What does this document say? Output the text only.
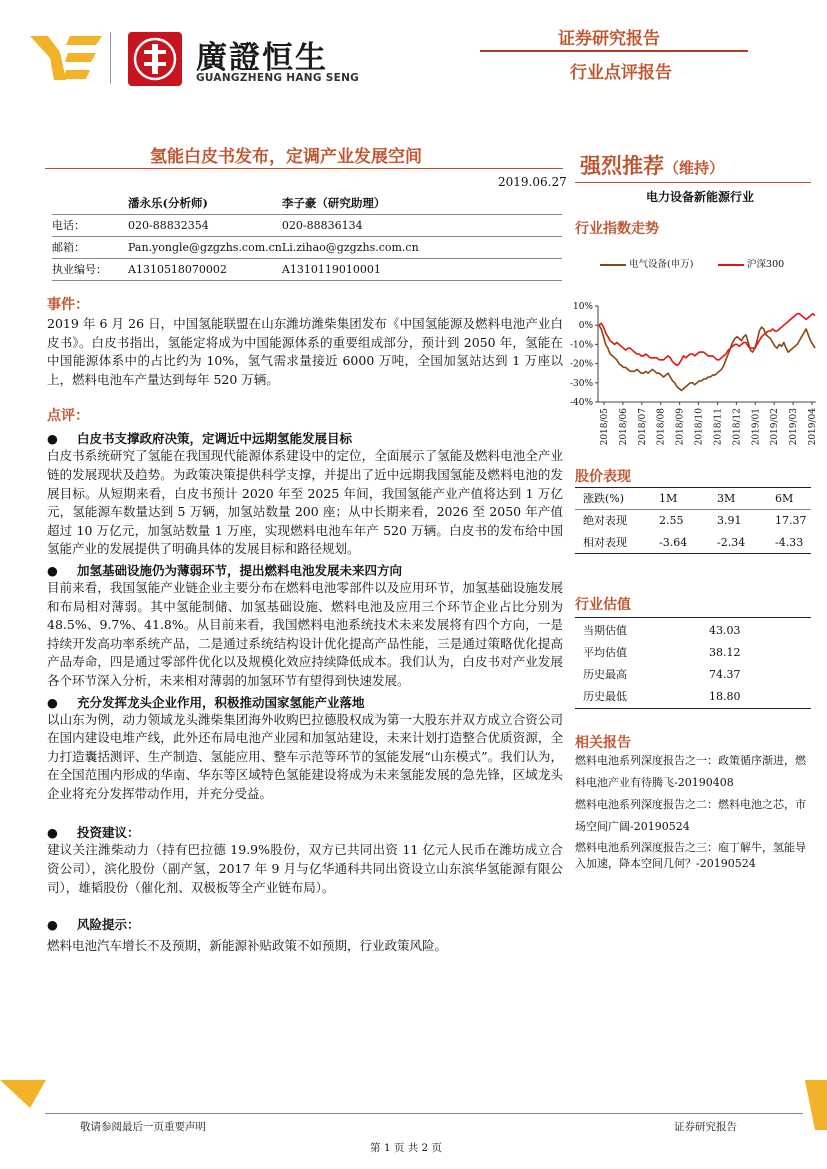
廣證恒生
GUANGZHENG HANG SENG
证券研究报告
行业点评报告
氢能白皮书发布，定调产业发展空间
2019.06.27
	潘永乐(分析师)	李子豪（研究助理）
电话：	020-88832354	020-88836134
邮箱：	Pan.yongle@gzgzhs.com.cn	Li.zihao@gzgzhs.com.cn
执业编号：	A1310518070002	A1310119010001
事件：
2019 年 6 月 26 日，中国氢能联盟在山东潍坊潍柴集团发布《中国氢能源及燃料电池产业白皮书》。白皮书指出，氢能定将成为中国能源体系的重要组成部分，预计到 2050 年，氢能在中国能源体系中的占比约为 10%，氢气需求量接近 6000 万吨，全国加氢站达到 1 万座以上，燃料电池车产量达到每年 520 万辆。
点评：
● 白皮书支撑政府决策，定调近中远期氢能发展目标
白皮书系统研究了氢能在我国现代能源体系建设中的定位，全面展示了氢能及燃料电池全产业链的发展现状及趋势。为政策决策提供科学支撑，并提出了近中远期我国氢能及燃料电池的发展目标。从短期来看，白皮书预计 2020 年至 2025 年间，我国氢能产业产值将达到 1 万亿元，氢能源车数量达到 5 万辆，加氢站数量 200 座；从中长期来看，2026 至 2050 年产值超过 10 万亿元，加氢站数量 1 万座，实现燃料电池车年产 520 万辆。白皮书的发布给中国氢能产业的发展提供了明确具体的发展目标和路径规划。
● 加氢基础设施仍为薄弱环节，提出燃料电池发展未来四方向
目前来看，我国氢能产业链企业主要分布在燃料电池零部件以及应用环节，加氢基础设施发展和布局相对薄弱。其中氢能制储、加氢基础设施、燃料电池及应用三个环节企业占比分别为 48.5%、9.7%、41.8%。从目前来看，我国燃料电池系统技术未来发展将有四个方向，一是持续开发高功率系统产品，二是通过系统结构设计优化提高产品性能，三是通过策略优化提高产品寿命，四是通过零部件优化以及规模化效应持续降低成本。我们认为，白皮书对产业发展各个环节深入分析，未来相对薄弱的加氢环节有望得到快速发展。
● 充分发挥龙头企业作用，积极推动国家氢能产业落地
以山东为例，动力领域龙头潍柴集团海外收购巴拉德股权成为第一大股东并双方成立合资公司在国内建设电堆产线，此外还布局电池产业园和加氢站建设，未来计划打造整合优质资源，全力打造囊括测评、生产制造、氢能应用、整车示范等环节的氢能发展“山东模式”。我们认为，在全国范围内形成的华南、华东等区域特色氢能建设将成为未来氢能发展的急先锋，区域龙头企业将充分发挥带动作用，并充分受益。
● 投资建议：
建议关注潍柴动力（持有巴拉德 19.9%股份，双方已共同出资 11 亿元人民币在潍坊成立合资公司），滨化股份（副产氢，2017 年 9 月与亿华通科共同出资设立山东滨华氢能源有限公司），雄韬股份（催化剂、双极板等全产业链布局）。
● 风险提示：
燃料电池汽车增长不及预期，新能源补贴政策不如预期，行业政策风险。
强烈推荐（维持）
电力设备新能源行业
行业指数走势
电气设备(申万)	沪深300
10%
0%
-10%
-20%
-30%
-40%
2018/05 2018/06 2018/07 2018/08 2018/09 2018/10 2018/11 2018/12 2019/01 2019/02 2019/03 2019/04
股价表现
涨跌(%)	1M	3M	6M
绝对表现	2.55	3.91	17.37
相对表现	-3.64	-2.34	-4.33
行业估值
当期估值	43.03
平均估值	38.12
历史最高	74.37
历史最低	18.80
相关报告

燃料电池系列深度报告之一：政策循序渐进，燃料电池产业有待腾飞-20190408

燃料电池系列深度报告之二：燃料电池之芯，市场空间广阔-20190524

燃料电池系列深度报告之三：庖丁解牛，氢能导入加速，降本空间几何？-20190524

敬请参阅最后一页重要声明	证券研究报告
第 1 页 共 2 页
